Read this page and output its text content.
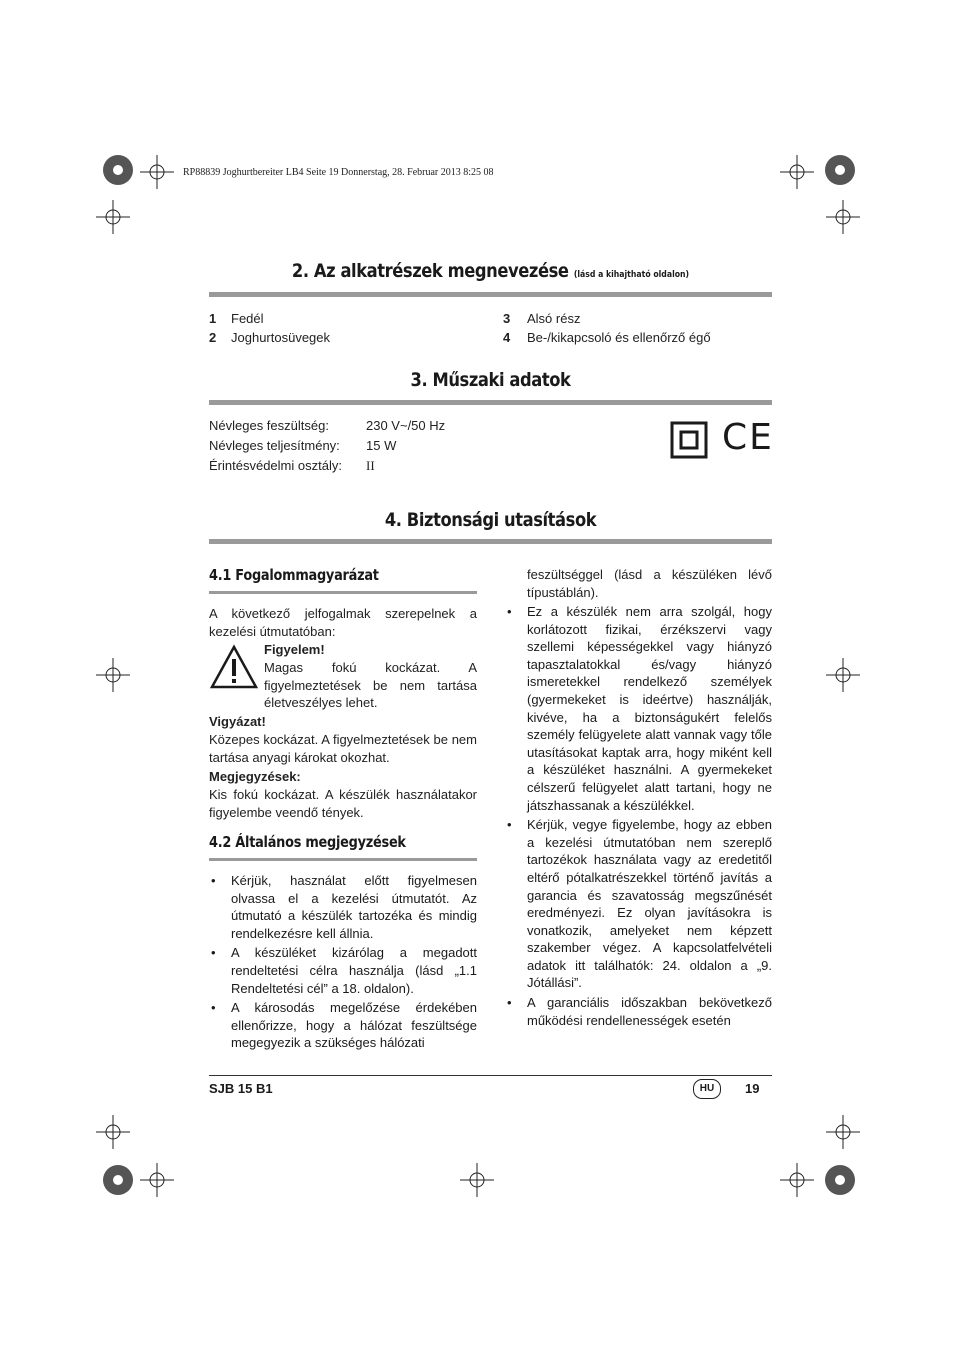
RP88839 Joghurtbereiter LB4 Seite 19 Donnerstag, 28. Februar 2013 8:25 08
2. Az alkatrészek megnevezése (lásd a kihajtható oldalon)
1 Fedél
2 Joghurtosüvegek
3 Alsó rész
4 Be-/kikapcsoló és ellenőrző égő
3. Műszaki adatok
Névleges feszültség:	230 V~/50 Hz
Névleges teljesítmény: 15 W
Érintésvédelmi osztály: II
CE
4. Biztonsági utasítások
4.1 Fogalommagyarázat
A következő jelfogalmak szerepelnek a kezelési útmutatóban:
Figyelem!
Magas fokú kockázat. A figyelmeztetések be nem tartása életveszélyes lehet.
Vigyázat!
Közepes kockázat. A figyelmeztetések be nem tartása anyagi károkat okozhat.
Megjegyzések:
Kis fokú kockázat. A készülék használatakor figyelembe veendő tények.
4.2 Általános megjegyzések
• Kérjük, használat előtt figyelmesen olvassa el a kezelési útmutatót. Az útmutató a készülék tartozéka és mindig rendelkezésre kell állnia.
• A készüléket kizárólag a megadott rendeltetési célra használja (lásd „1.1 Rendeltetési cél” a 18. oldalon).
• A károsodás megelőzése érdekében ellenőrizze, hogy a hálózat feszültsége megegyezik a szükséges hálózati
feszültséggel (lásd a készüléken lévő típustáblán).
• Ez a készülék nem arra szolgál, hogy korlátozott fizikai, érzékszervi vagy szellemi képességekkel vagy hiányzó tapasztalatokkal és/vagy hiányzó ismeretekkel rendelkező személyek (gyermekeket is ideértve) használják, kivéve, ha a biztonságukért felelős személy felügyelete alatt vannak vagy tőle utasításokat kaptak arra, hogy miként kell a készüléket használni. A gyermekeket célszerű felügyelet alatt tartani, hogy ne játszhassanak a készülékkel.
• Kérjük, vegye figyelembe, hogy az ebben a kezelési útmutatóban nem szereplő tartozékok használata vagy az eredetitől eltérő pótalkatrészekkel történő javítás a garancia és szavatosság megszűnését eredményezi. Ez olyan javításokra is vonatkozik, amelyeket nem képzett szakember végez. A kapcsolatfelvételi adatok itt találhatók: 24. oldalon a „9. Jótállási”.
• A garanciális időszakban bekövetkező működési rendellenességek esetén
SJB 15 B1	HU	19
